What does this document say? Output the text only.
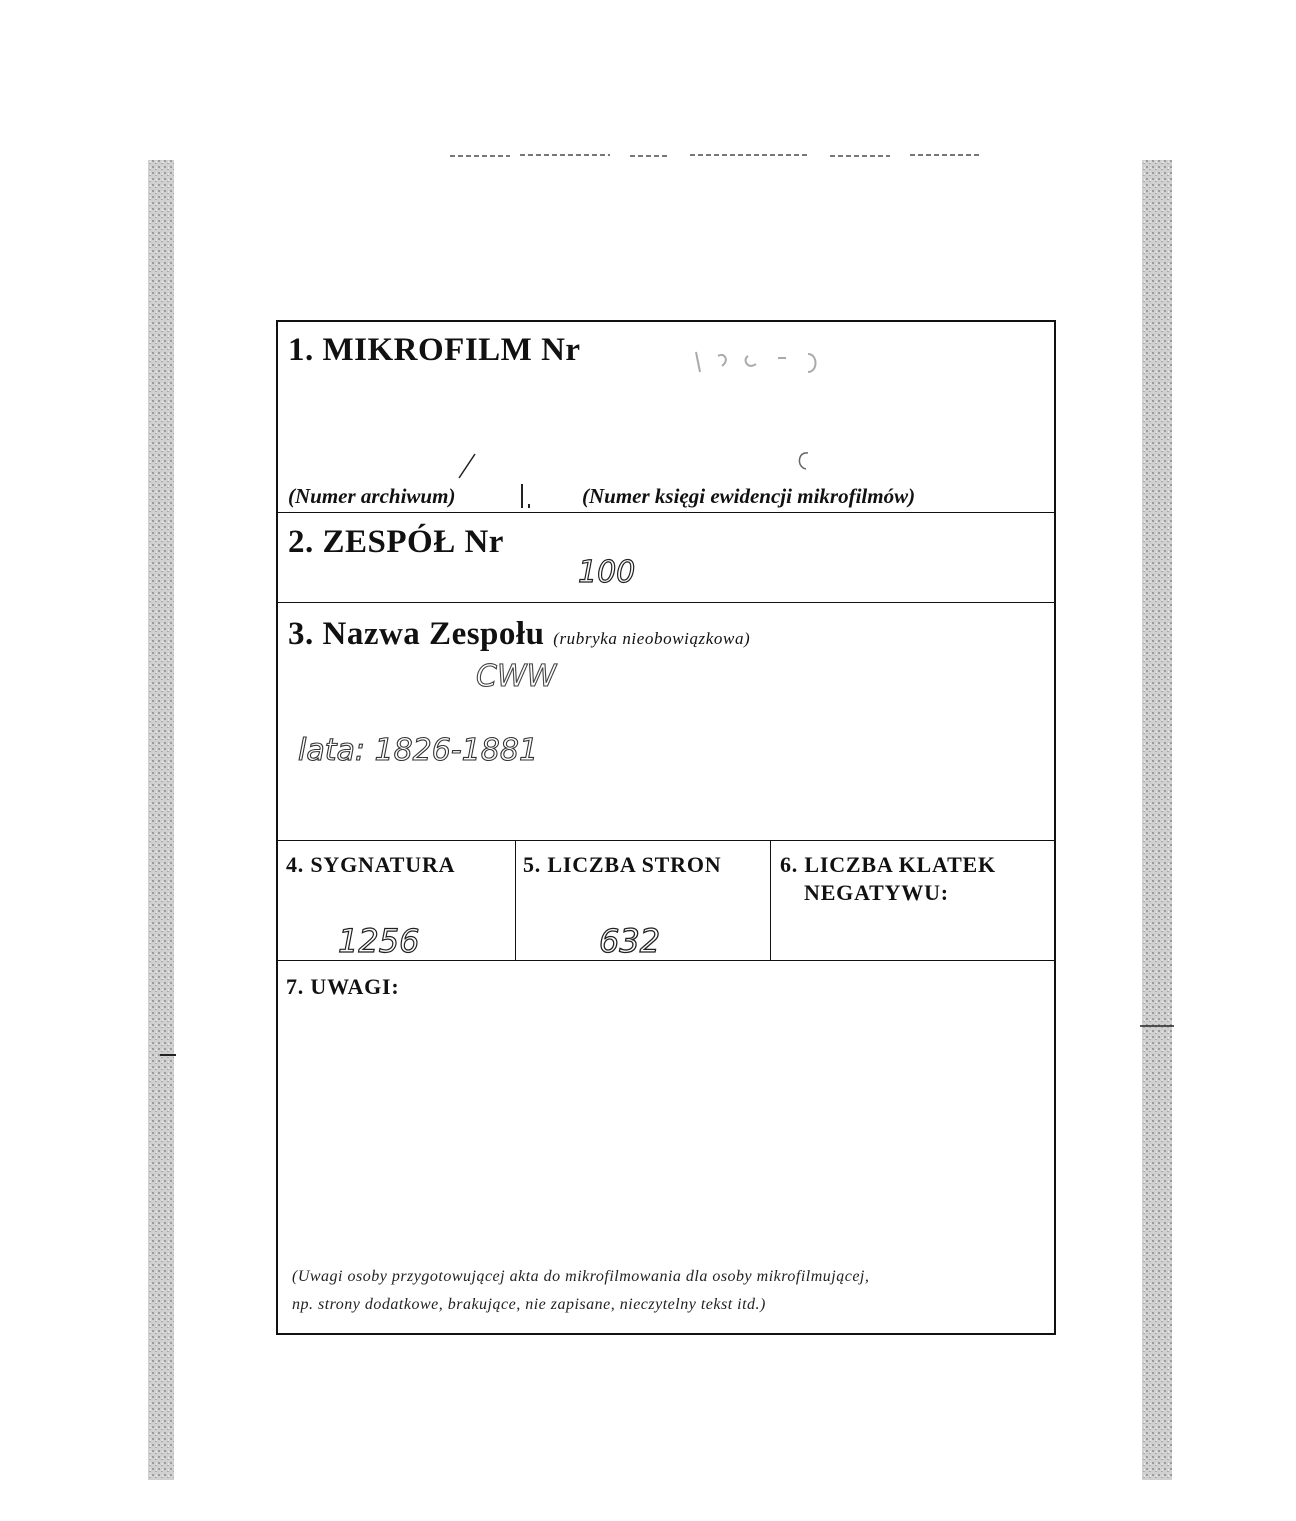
1. MIKROFILM Nr
(Numer archiwum)	(Numer księgi ewidencji mikrofilmów)
2. ZESPÓŁ Nr
100
3. Nazwa Zespołu (rubryka nieobowiązkowa)
CWW
lata: 1826-1881
4. SYGNATURA
1256
5. LICZBA STRON
632
6. LICZBA KLATEK
NEGATYWU:
7. UWAGI:
(Uwagi osoby przygotowującej akta do mikrofilmowania dla osoby mikrofilmującej,
np. strony dodatkowe, brakujące, nie zapisane, nieczytelny tekst itd.)
